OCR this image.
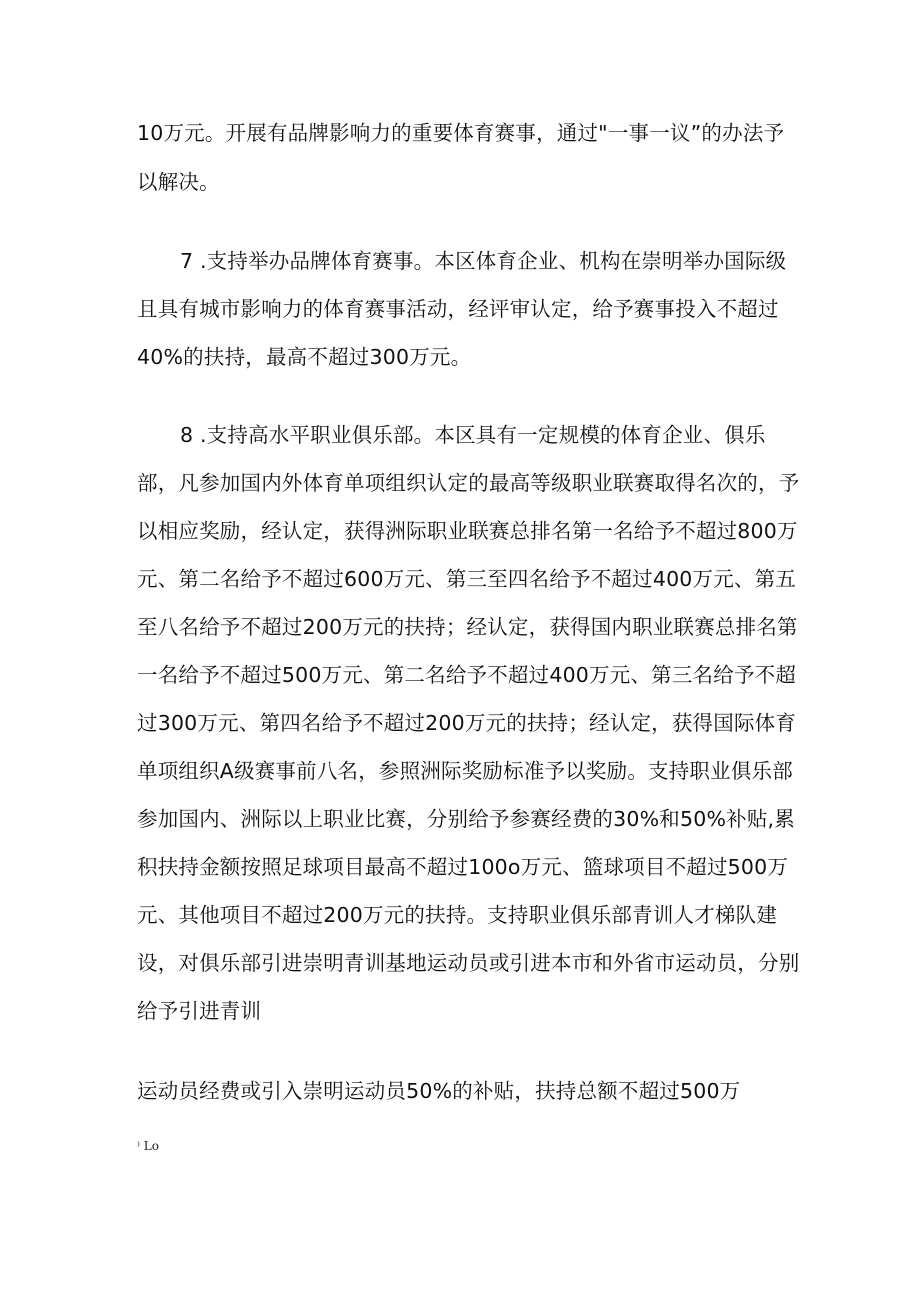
10万元。开展有品牌影响力的重要体育赛事，通过"一事一议”的办法予
以解决。
7 .支持举办品牌体育赛事。本区体育企业、机构在崇明举办国际级
且具有城市影响力的体育赛事活动，经评审认定，给予赛事投入不超过
40%的扶持，最高不超过300万元。
8 .支持高水平职业俱乐部。本区具有一定规模的体育企业、俱乐
部，凡参加国内外体育单项组织认定的最高等级职业联赛取得名次的，予
以相应奖励，经认定，获得洲际职业联赛总排名第一名给予不超过800万
元、第二名给予不超过600万元、第三至四名给予不超过400万元、第五
至八名给予不超过200万元的扶持；经认定，获得国内职业联赛总排名第
一名给予不超过500万元、第二名给予不超过400万元、第三名给予不超
过300万元、第四名给予不超过200万元的扶持；经认定，获得国际体育
单项组织A级赛事前八名，参照洲际奖励标准予以奖励。支持职业俱乐部
参加国内、洲际以上职业比赛，分别给予参赛经费的30%和50%补贴,累
积扶持金额按照足球项目最高不超过100o万元、篮球项目不超过500万
元、其他项目不超过200万元的扶持。支持职业俱乐部青训人才梯队建
设，对俱乐部引进崇明青训基地运动员或引进本市和外省市运动员，分别
给予引进青训
运动员经费或引入崇明运动员50%的补贴，扶持总额不超过500万
⁾ Lo
